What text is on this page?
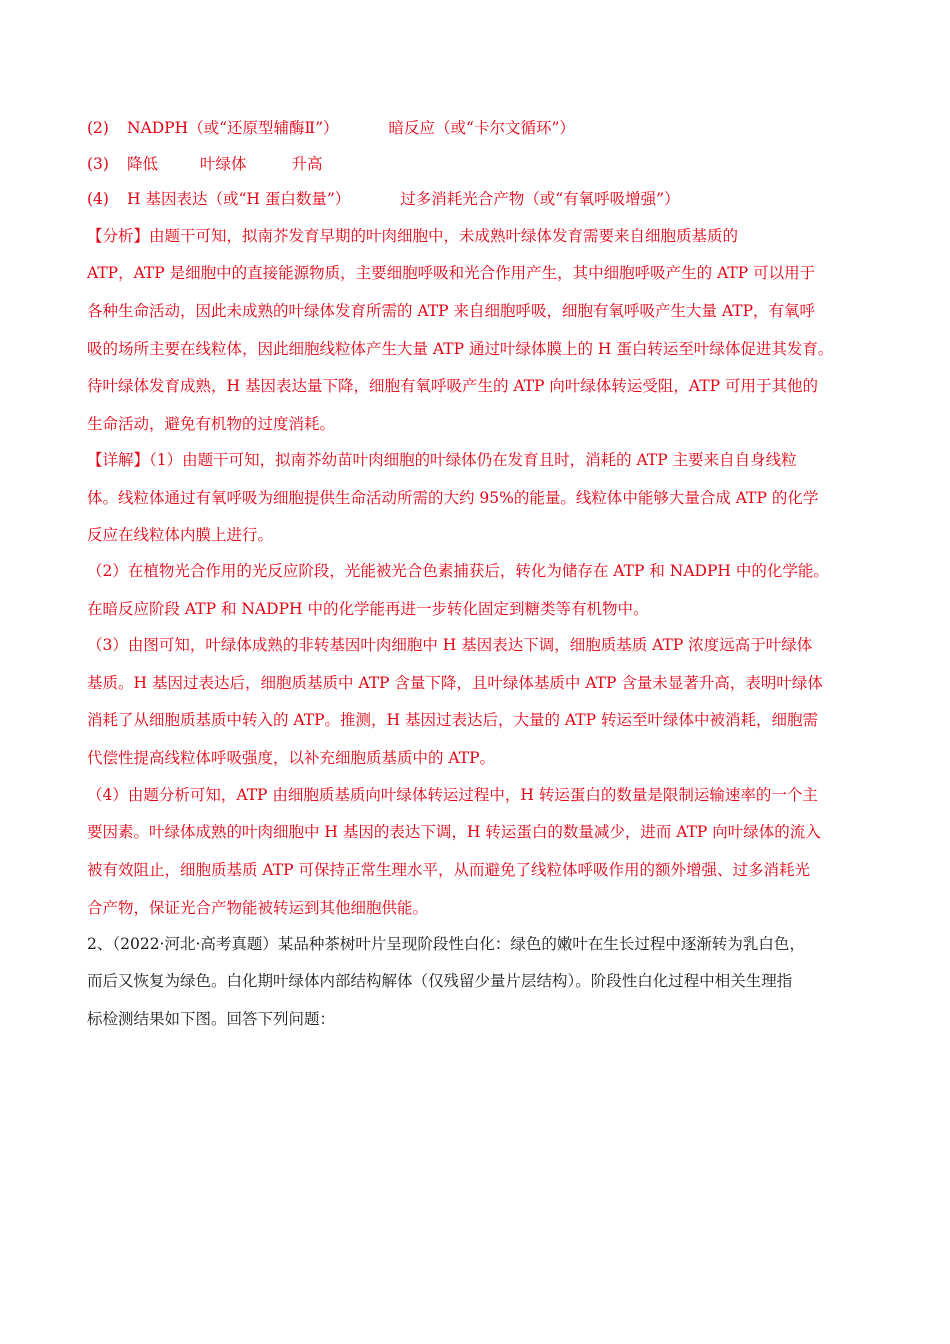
(2) NADPH（或“还原型辅酶Ⅱ”）	暗反应（或“卡尔文循环”）
(3) 降低	叶绿体	升高
(4) H 基因表达（或“H 蛋白数量”）	过多消耗光合产物（或“有氧呼吸增强”）
【分析】由题干可知，拟南芥发育早期的叶肉细胞中，未成熟叶绿体发育需要来自细胞质基质的
ATP，ATP 是细胞中的直接能源物质，主要细胞呼吸和光合作用产生，其中细胞呼吸产生的 ATP 可以用于
各种生命活动，因此未成熟的叶绿体发育所需的 ATP 来自细胞呼吸，细胞有氧呼吸产生大量 ATP，有氧呼
吸的场所主要在线粒体，因此细胞线粒体产生大量 ATP 通过叶绿体膜上的 H 蛋白转运至叶绿体促进其发育。
待叶绿体发育成熟，H 基因表达量下降，细胞有氧呼吸产生的 ATP 向叶绿体转运受阻，ATP 可用于其他的
生命活动，避免有机物的过度消耗。
【详解】（1）由题干可知，拟南芥幼苗叶肉细胞的叶绿体仍在发育且时，消耗的 ATP 主要来自自身线粒
体。线粒体通过有氧呼吸为细胞提供生命活动所需的大约 95%的能量。线粒体中能够大量合成 ATP 的化学
反应在线粒体内膜上进行。
（2）在植物光合作用的光反应阶段，光能被光合色素捕获后，转化为储存在 ATP 和 NADPH 中的化学能。
在暗反应阶段 ATP 和 NADPH 中的化学能再进一步转化固定到糖类等有机物中。
（3）由图可知，叶绿体成熟的非转基因叶肉细胞中 H 基因表达下调，细胞质基质 ATP 浓度远高于叶绿体
基质。H 基因过表达后，细胞质基质中 ATP 含量下降，且叶绿体基质中 ATP 含量未显著升高，表明叶绿体
消耗了从细胞质基质中转入的 ATP。推测，H 基因过表达后，大量的 ATP 转运至叶绿体中被消耗，细胞需
代偿性提高线粒体呼吸强度，以补充细胞质基质中的 ATP。
（4）由题分析可知，ATP 由细胞质基质向叶绿体转运过程中，H 转运蛋白的数量是限制运输速率的一个主
要因素。叶绿体成熟的叶肉细胞中 H 基因的表达下调，H 转运蛋白的数量减少，进而 ATP 向叶绿体的流入
被有效阻止，细胞质基质 ATP 可保持正常生理水平，从而避免了线粒体呼吸作用的额外增强、过多消耗光
合产物，保证光合产物能被转运到其他细胞供能。
2、（2022·河北·高考真题）某品种茶树叶片呈现阶段性白化：绿色的嫩叶在生长过程中逐渐转为乳白色，
而后又恢复为绿色。白化期叶绿体内部结构解体（仅残留少量片层结构）。阶段性白化过程中相关生理指
标检测结果如下图。回答下列问题：
